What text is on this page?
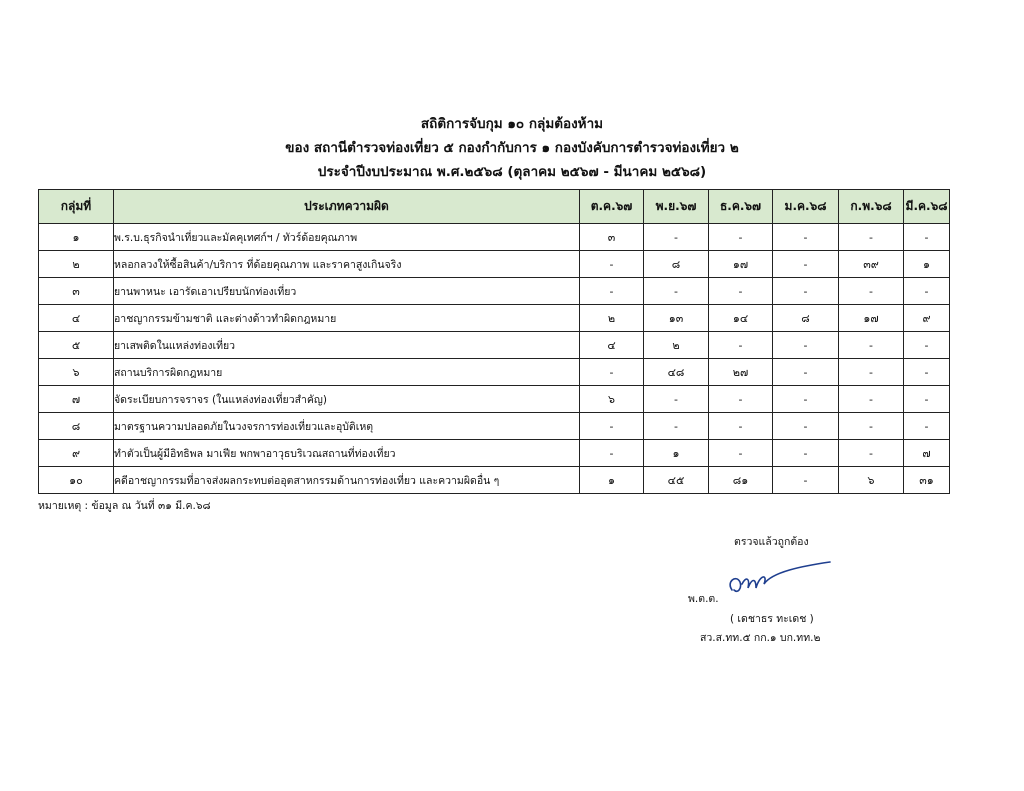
สถิติการจับกุม ๑๐ กลุ่มต้องห้าม
ของ สถานีตำรวจท่องเที่ยว ๕ กองกำกับการ ๑ กองบังคับการตำรวจท่องเที่ยว ๒
ประจำปีงบประมาณ พ.ศ.๒๕๖๘ (ตุลาคม ๒๕๖๗ - มีนาคม ๒๕๖๘)
กลุ่มที่	ประเภทความผิด	ต.ค.๖๗	พ.ย.๖๗	ธ.ค.๖๗	ม.ค.๖๘	ก.พ.๖๘	มี.ค.๖๘
๑	พ.ร.บ.ธุรกิจนำเที่ยวและมัคคุเทศก์ฯ / ทัวร์ด้อยคุณภาพ	๓	-	-	-	-	-
๒	หลอกลวงให้ซื้อสินค้า/บริการ ที่ด้อยคุณภาพ และราคาสูงเกินจริง	-	๘	๑๗	-	๓๙	๑
๓	ยานพาหนะ เอารัดเอาเปรียบนักท่องเที่ยว	-	-	-	-	-	-
๔	อาชญากรรมข้ามชาติ และต่างด้าวทำผิดกฎหมาย	๒	๑๓	๑๔	๘	๑๗	๙
๕	ยาเสพติดในแหล่งท่องเที่ยว	๔	๒	-	-	-	-
๖	สถานบริการผิดกฎหมาย	-	๔๘	๒๗	-	-	-
๗	จัดระเบียบการจราจร (ในแหล่งท่องเที่ยวสำคัญ)	๖	-	-	-	-	-
๘	มาตรฐานความปลอดภัยในวงจรการท่องเที่ยวและอุบัติเหตุ	-	-	-	-	-	-
๙	ทำตัวเป็นผู้มีอิทธิพล มาเฟีย พกพาอาวุธบริเวณสถานที่ท่องเที่ยว	-	๑	-	-	-	๗
๑๐	คดีอาชญากรรมที่อาจส่งผลกระทบต่ออุตสาหกรรมด้านการท่องเที่ยว และความผิดอื่น ๆ	๑	๔๕	๘๑	-	๖	๓๑
หมายเหตุ : ข้อมูล ณ วันที่ ๓๑ มี.ค.๖๘
ตรวจแล้วถูกต้อง
พ.ต.ต.
( เดชาธร ทะเดช )
สว.ส.ทท.๕ กก.๑ บก.ทท.๒
